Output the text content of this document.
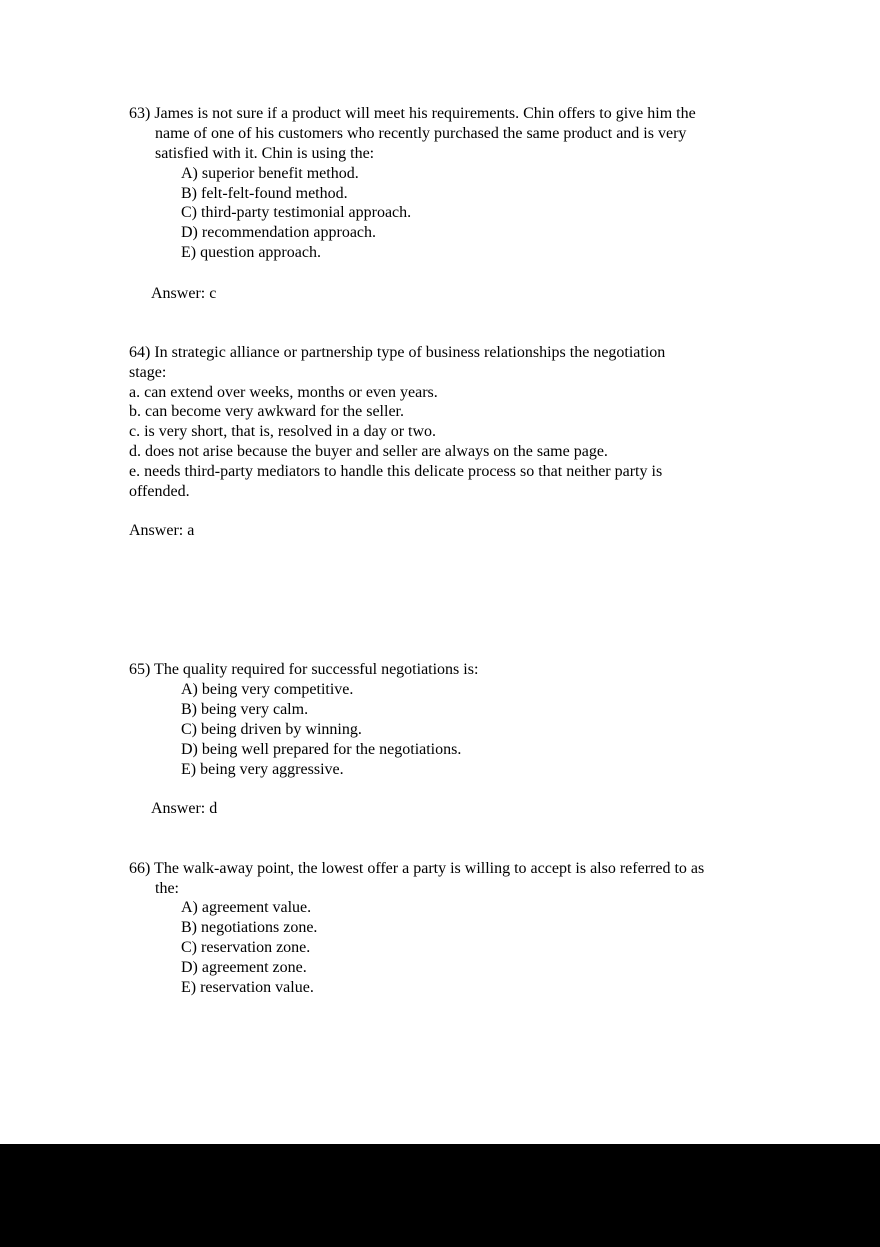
63) James is not sure if a product will meet his requirements. Chin offers to give him the
name of one of his customers who recently purchased the same product and is very
satisfied with it. Chin is using the:
A) superior benefit method.
B) felt-felt-found method.
C) third-party testimonial approach.
D) recommendation approach.
E) question approach.
Answer: c
64) In strategic alliance or partnership type of business relationships the negotiation
stage:
a. can extend over weeks, months or even years.
b. can become very awkward for the seller.
c. is very short, that is, resolved in a day or two.
d. does not arise because the buyer and seller are always on the same page.
e. needs third-party mediators to handle this delicate process so that neither party is
offended.
Answer: a
65) The quality required for successful negotiations is:
A) being very competitive.
B) being very calm.
C) being driven by winning.
D) being well prepared for the negotiations.
E) being very aggressive.
Answer: d
66) The walk-away point, the lowest offer a party is willing to accept is also referred to as
the:
A) agreement value.
B) negotiations zone.
C) reservation zone.
D) agreement zone.
E) reservation value.
